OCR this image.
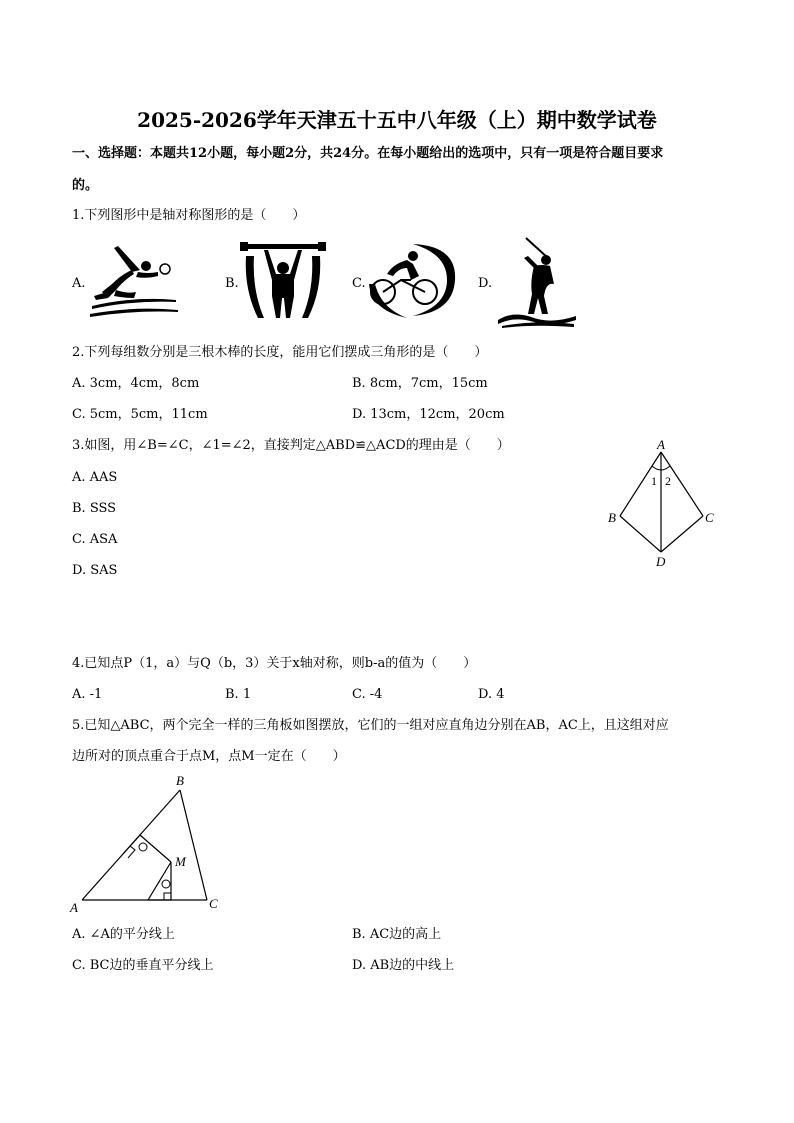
2025-2026学年天津五十五中八年级（上）期中数学试卷
一、选择题：本题共12小题，每小题2分，共24分。在每小题给出的选项中，只有一项是符合题目要求
的。
1.下列图形中是轴对称图形的是（　　）
A.	B.	C.	D.
2.下列每组数分别是三根木棒的长度，能用它们摆成三角形的是（　　）
A. 3cm，4cm，8cm	B. 8cm，7cm，15cm
C. 5cm，5cm，11cm	D. 13cm，12cm，20cm
3.如图，用∠B=∠C，∠1=∠2，直接判定△ABD≌△ACD的理由是（　　）
A. AAS
B. SSS
C. ASA
D. SAS
A
B	C
D
1 2
4.已知点P（1，a）与Q（b，3）关于x轴对称，则b-a的值为（　　）
A. -1	B. 1	C. -4	D. 4
5.已知△ABC，两个完全一样的三角板如图摆放，它们的一组对应直角边分别在AB，AC上，且这组对应
边所对的顶点重合于点M，点M一定在（　　）
A
B
C
M
A. ∠A的平分线上	B. AC边的高上
C. BC边的垂直平分线上	D. AB边的中线上
